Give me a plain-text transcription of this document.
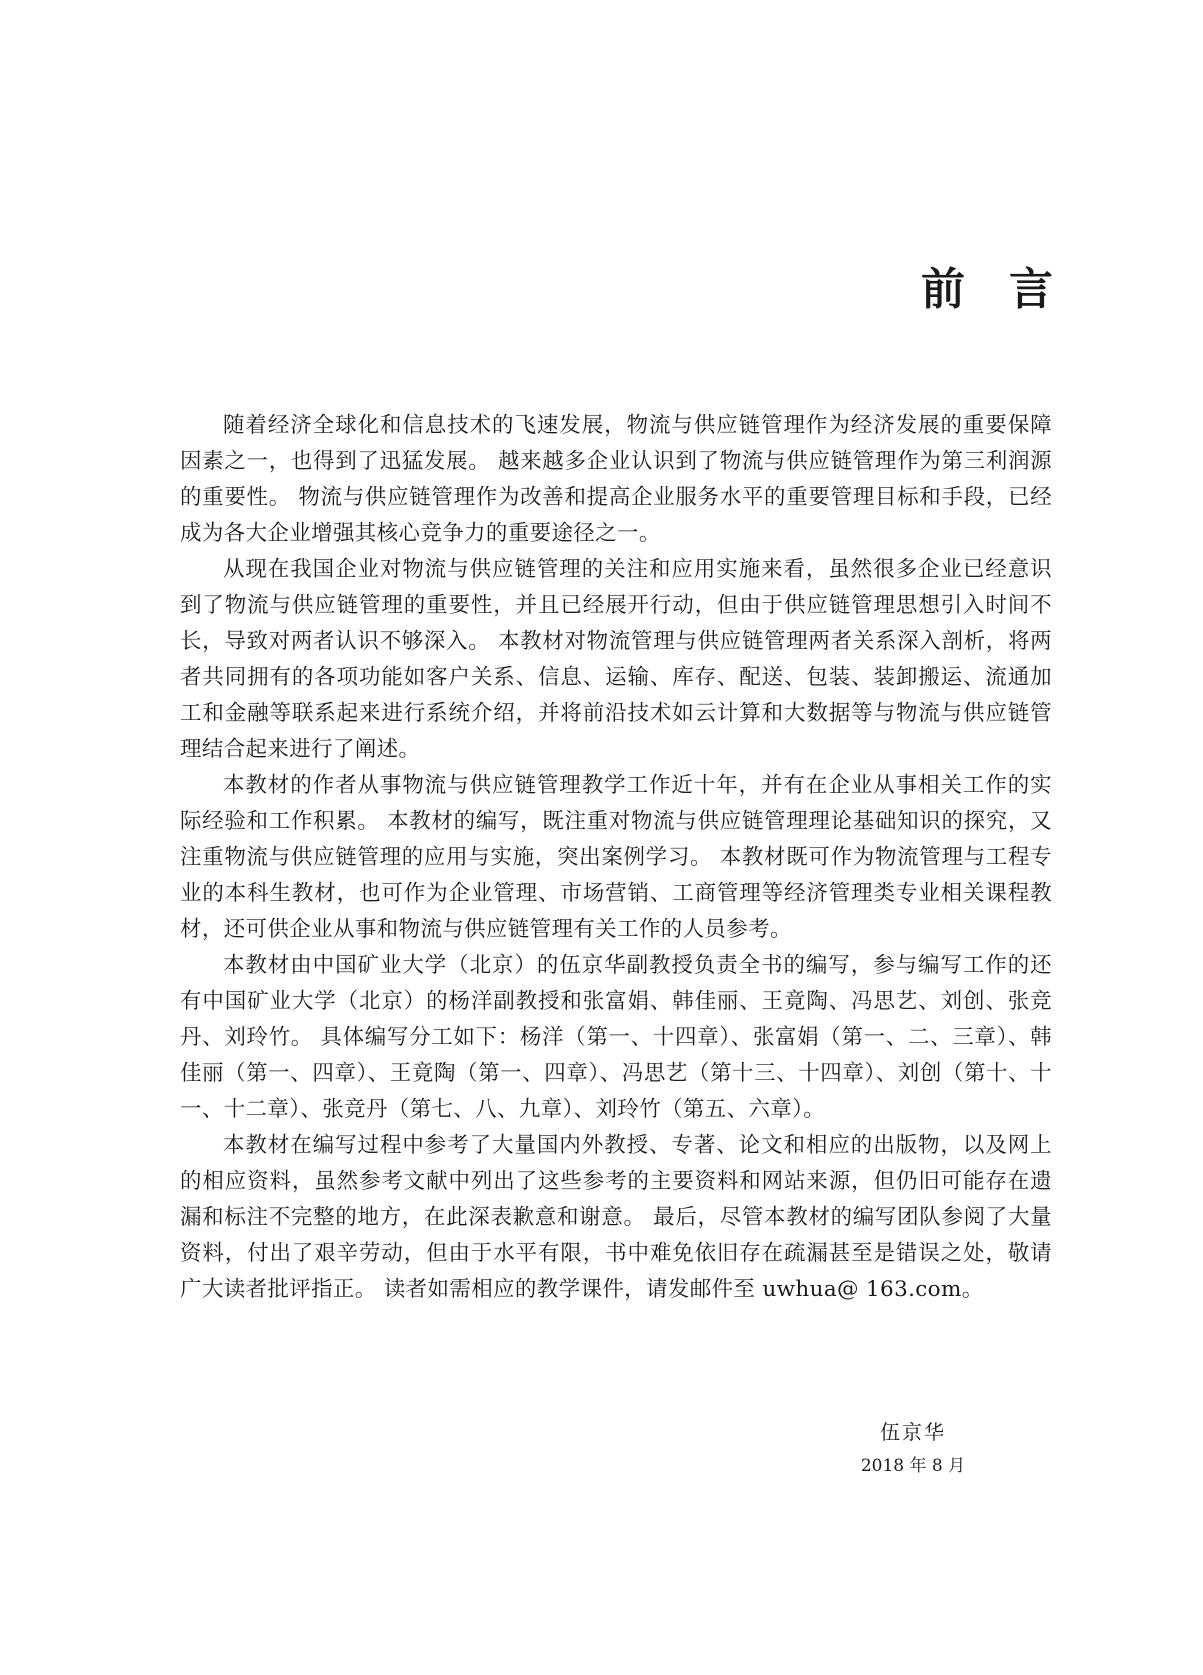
前言

随着经济全球化和信息技术的飞速发展，物流与供应链管理作为经济发展的重要保障因素之一，也得到了迅猛发展。 越来越多企业认识到了物流与供应链管理作为第三利润源的重要性。 物流与供应链管理作为改善和提高企业服务水平的重要管理目标和手段，已经成为各大企业增强其核心竞争力的重要途径之一。

从现在我国企业对物流与供应链管理的关注和应用实施来看，虽然很多企业已经意识到了物流与供应链管理的重要性，并且已经展开行动，但由于供应链管理思想引入时间不长，导致对两者认识不够深入。 本教材对物流管理与供应链管理两者关系深入剖析，将两者共同拥有的各项功能如客户关系、信息、运输、库存、配送、包装、装卸搬运、流通加工和金融等联系起来进行系统介绍，并将前沿技术如云计算和大数据等与物流与供应链管理结合起来进行了阐述。

本教材的作者从事物流与供应链管理教学工作近十年，并有在企业从事相关工作的实际经验和工作积累。 本教材的编写，既注重对物流与供应链管理理论基础知识的探究，又注重物流与供应链管理的应用与实施，突出案例学习。 本教材既可作为物流管理与工程专业的本科生教材，也可作为企业管理、市场营销、工商管理等经济管理类专业相关课程教材，还可供企业从事和物流与供应链管理有关工作的人员参考。

本教材由中国矿业大学（北京）的伍京华副教授负责全书的编写，参与编写工作的还有中国矿业大学（北京）的杨洋副教授和张富娟、韩佳丽、王竟陶、冯思艺、刘创、张竞丹、刘玲竹。 具体编写分工如下：杨洋（第一、十四章）、张富娟（第一、二、三章）、韩佳丽（第一、四章）、王竟陶（第一、四章）、冯思艺（第十三、十四章）、刘创（第十、十一、十二章）、张竞丹（第七、八、九章）、刘玲竹（第五、六章）。

本教材在编写过程中参考了大量国内外教授、专著、论文和相应的出版物，以及网上的相应资料，虽然参考文献中列出了这些参考的主要资料和网站来源，但仍旧可能存在遗漏和标注不完整的地方，在此深表歉意和谢意。 最后，尽管本教材的编写团队参阅了大量资料，付出了艰辛劳动，但由于水平有限，书中难免依旧存在疏漏甚至是错误之处，敬请广大读者批评指正。 读者如需相应的教学课件，请发邮件至 uwhua@ 163.com。

伍京华

2018 年 8 月
